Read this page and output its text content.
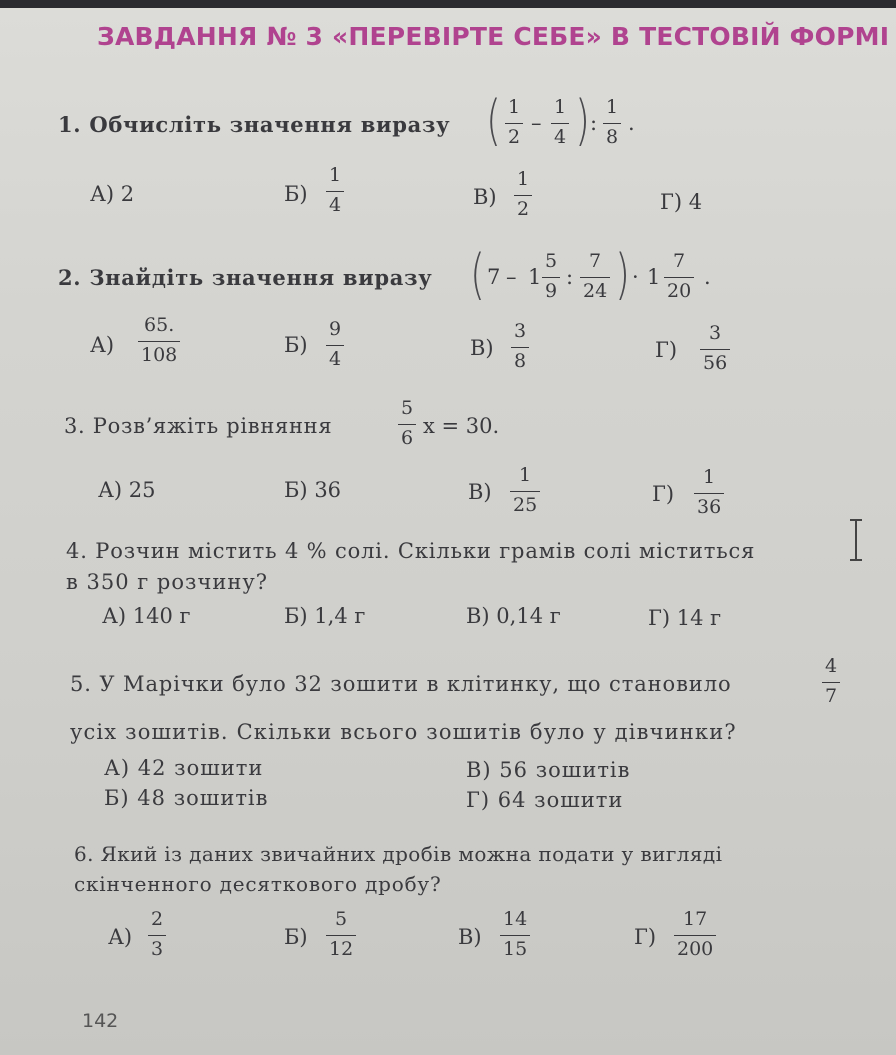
ЗАВДАННЯ № 3 «ПЕРЕВІРТЕ СЕБЕ» В ТЕСТОВІЙ ФОРМІ
1. Обчисліть значення виразу ( 1
2
–
1
4 ) :
1
8
.
А) 2	Б)
1
4	В)
1
2	Г) 4
2. Знайдіть значення виразу ( 7 – 1
5
9
:
7
24 ) · 1
7
20
.
А)
65.
108	Б)
9
4	В)
3
8	Г)
3
56
3. Розв’яжіть рівняння
5
6 x = 30.
А) 25	Б) 36	В)
1
25	Г)
1
36
4. Розчин містить 4 % солі. Скільки грамів солі міститься
в 350 г розчину?
А) 140 г	Б) 1,4 г	В) 0,14 г	Г) 14 г
5. У Марічки було 32 зошити в клітинку, що становило
4
7
усіх зошитів. Скільки всього зошитів було у дівчинки?
А) 42 зошити
Б) 48 зошитів
В) 56 зошитів
Г) 64 зошити
6. Який із даних звичайних дробів можна подати у вигляді
скінченного десяткового дробу?
А)
2
3	Б)
5
12	В)
14
15	Г)
17
200
142
